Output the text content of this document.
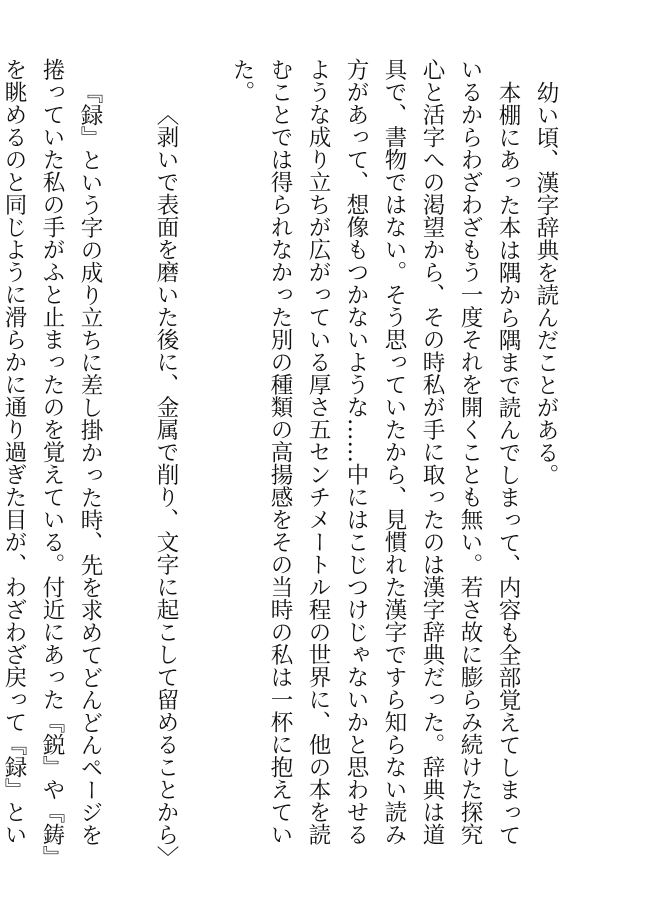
幼い頃、漢字辞典を読んだことがある。

本棚にあった本は隅から隅まで読んでしまって、内容も全部覚えてしまっているからわざわざもう一度それを開くことも無い。若さ故に膨らみ続けた探究心と活字への渇望から、その時私が手に取ったのは漢字辞典だった。辞典は道具で、書物ではない。そう思っていたから、見慣れた漢字ですら知らない読み方があって、想像もつかないような……中にはこじつけじゃないかと思わせるような成り立ちが広がっている厚さ五センチメートル程の世界に、他の本を読むことでは得られなかった別の種類の高揚感をその当時の私は一杯に抱えていた。

〈剥いで表面を磨いた後に、金属で削り、文字に起こして留めることから〉

『録』という字の成り立ちに差し掛かった時、先を求めてどんどんページを捲っていた私の手がふと止まったのを覚えている。付近にあった『鋭』や『鋳』を眺めるのと同じように滑らかに通り過ぎた目が、わざわざ戻って『録』とい
